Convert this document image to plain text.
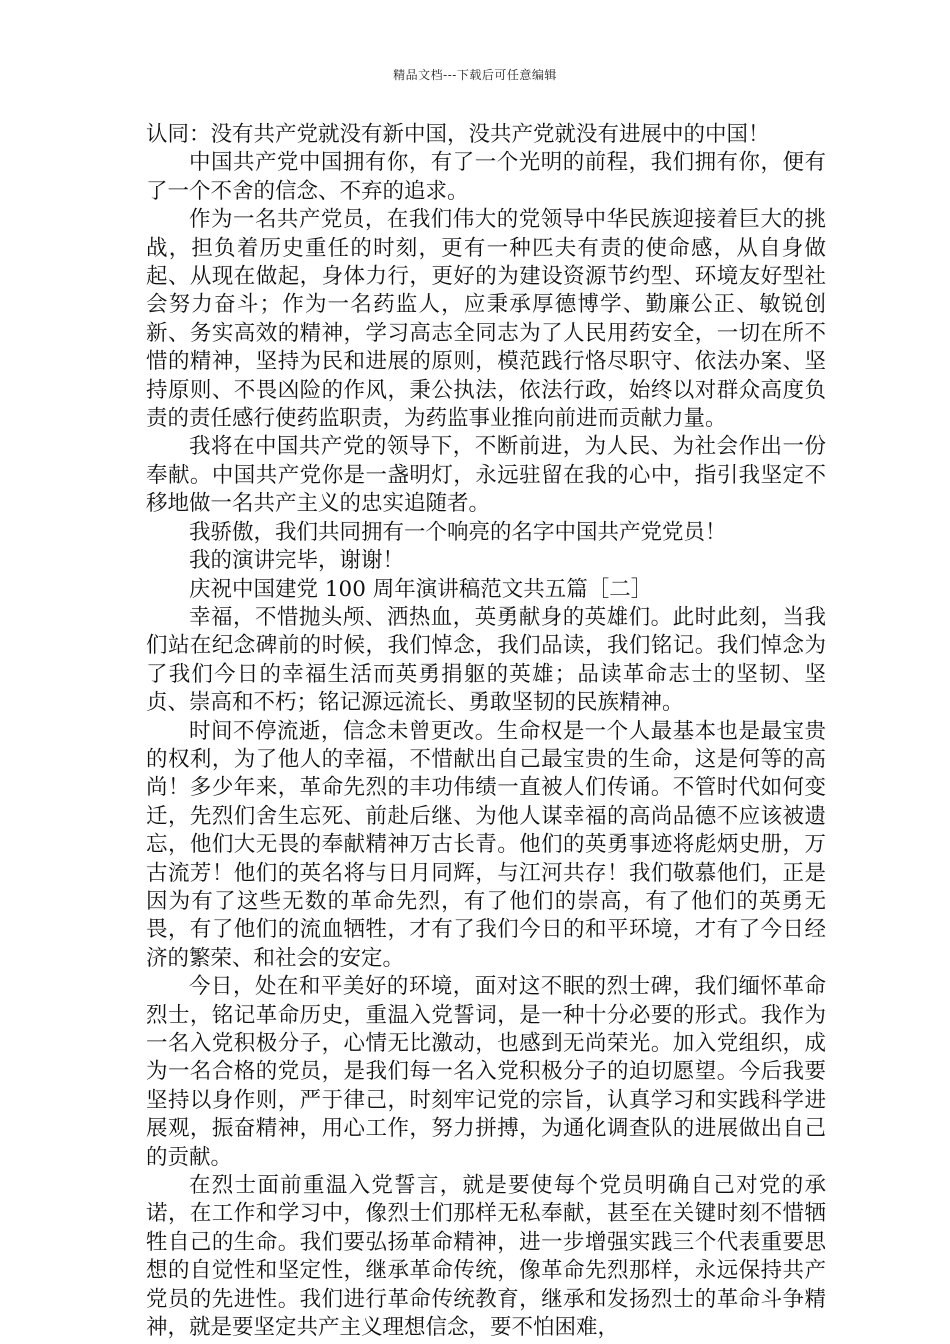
精品文档---下载后可任意编辑

认同：没有共产党就没有新中国，没共产党就没有进展中的中国！

中国共产党中国拥有你，有了一个光明的前程，我们拥有你，便有了一个不舍的信念、不弃的追求。

作为一名共产党员，在我们伟大的党领导中华民族迎接着巨大的挑战，担负着历史重任的时刻，更有一种匹夫有责的使命感，从自身做起、从现在做起，身体力行，更好的为建设资源节约型、环境友好型社会努力奋斗；作为一名药监人，应秉承厚德博学、勤廉公正、敏锐创新、务实高效的精神，学习高志全同志为了人民用药安全，一切在所不惜的精神，坚持为民和进展的原则，模范践行恪尽职守、依法办案、坚持原则、不畏凶险的作风，秉公执法，依法行政，始终以对群众高度负责的责任感行使药监职责，为药监事业推向前进而贡献力量。

我将在中国共产党的领导下，不断前进，为人民、为社会作出一份奉献。中国共产党你是一盏明灯，永远驻留在我的心中，指引我坚定不移地做一名共产主义的忠实追随者。

我骄傲，我们共同拥有一个响亮的名字中国共产党党员！

我的演讲完毕，谢谢！

庆祝中国建党 100 周年演讲稿范文共五篇［二］

幸福，不惜抛头颅、洒热血，英勇献身的英雄们。此时此刻，当我们站在纪念碑前的时候，我们悼念，我们品读，我们铭记。我们悼念为了我们今日的幸福生活而英勇捐躯的英雄；品读革命志士的坚韧、坚贞、崇高和不朽；铭记源远流长、勇敢坚韧的民族精神。

时间不停流逝，信念未曾更改。生命权是一个人最基本也是最宝贵的权利，为了他人的幸福，不惜献出自己最宝贵的生命，这是何等的高尚！多少年来，革命先烈的丰功伟绩一直被人们传诵。不管时代如何变迁，先烈们舍生忘死、前赴后继、为他人谋幸福的高尚品德不应该被遗忘，他们大无畏的奉献精神万古长青。他们的英勇事迹将彪炳史册，万古流芳！他们的英名将与日月同辉，与江河共存！我们敬慕他们，正是因为有了这些无数的革命先烈，有了他们的崇高，有了他们的英勇无畏，有了他们的流血牺牲，才有了我们今日的和平环境，才有了今日经济的繁荣、和社会的安定。

今日，处在和平美好的环境，面对这不眠的烈士碑，我们缅怀革命烈士，铭记革命历史，重温入党誓词，是一种十分必要的形式。我作为一名入党积极分子，心情无比激动，也感到无尚荣光。加入党组织，成为一名合格的党员，是我们每一名入党积极分子的迫切愿望。今后我要坚持以身作则，严于律己，时刻牢记党的宗旨，认真学习和实践科学进展观，振奋精神，用心工作，努力拼搏，为通化调查队的进展做出自己的贡献。

在烈士面前重温入党誓言，就是要使每个党员明确自己对党的承诺，在工作和学习中，像烈士们那样无私奉献，甚至在关键时刻不惜牺牲自己的生命。我们要弘扬革命精神，进一步增强实践三个代表重要思想的自觉性和坚定性，继承革命传统，像革命先烈那样，永远保持共产党员的先进性。我们进行革命传统教育，继承和发扬烈士的革命斗争精神，就是要坚定共产主义理想信念，要不怕困难，
